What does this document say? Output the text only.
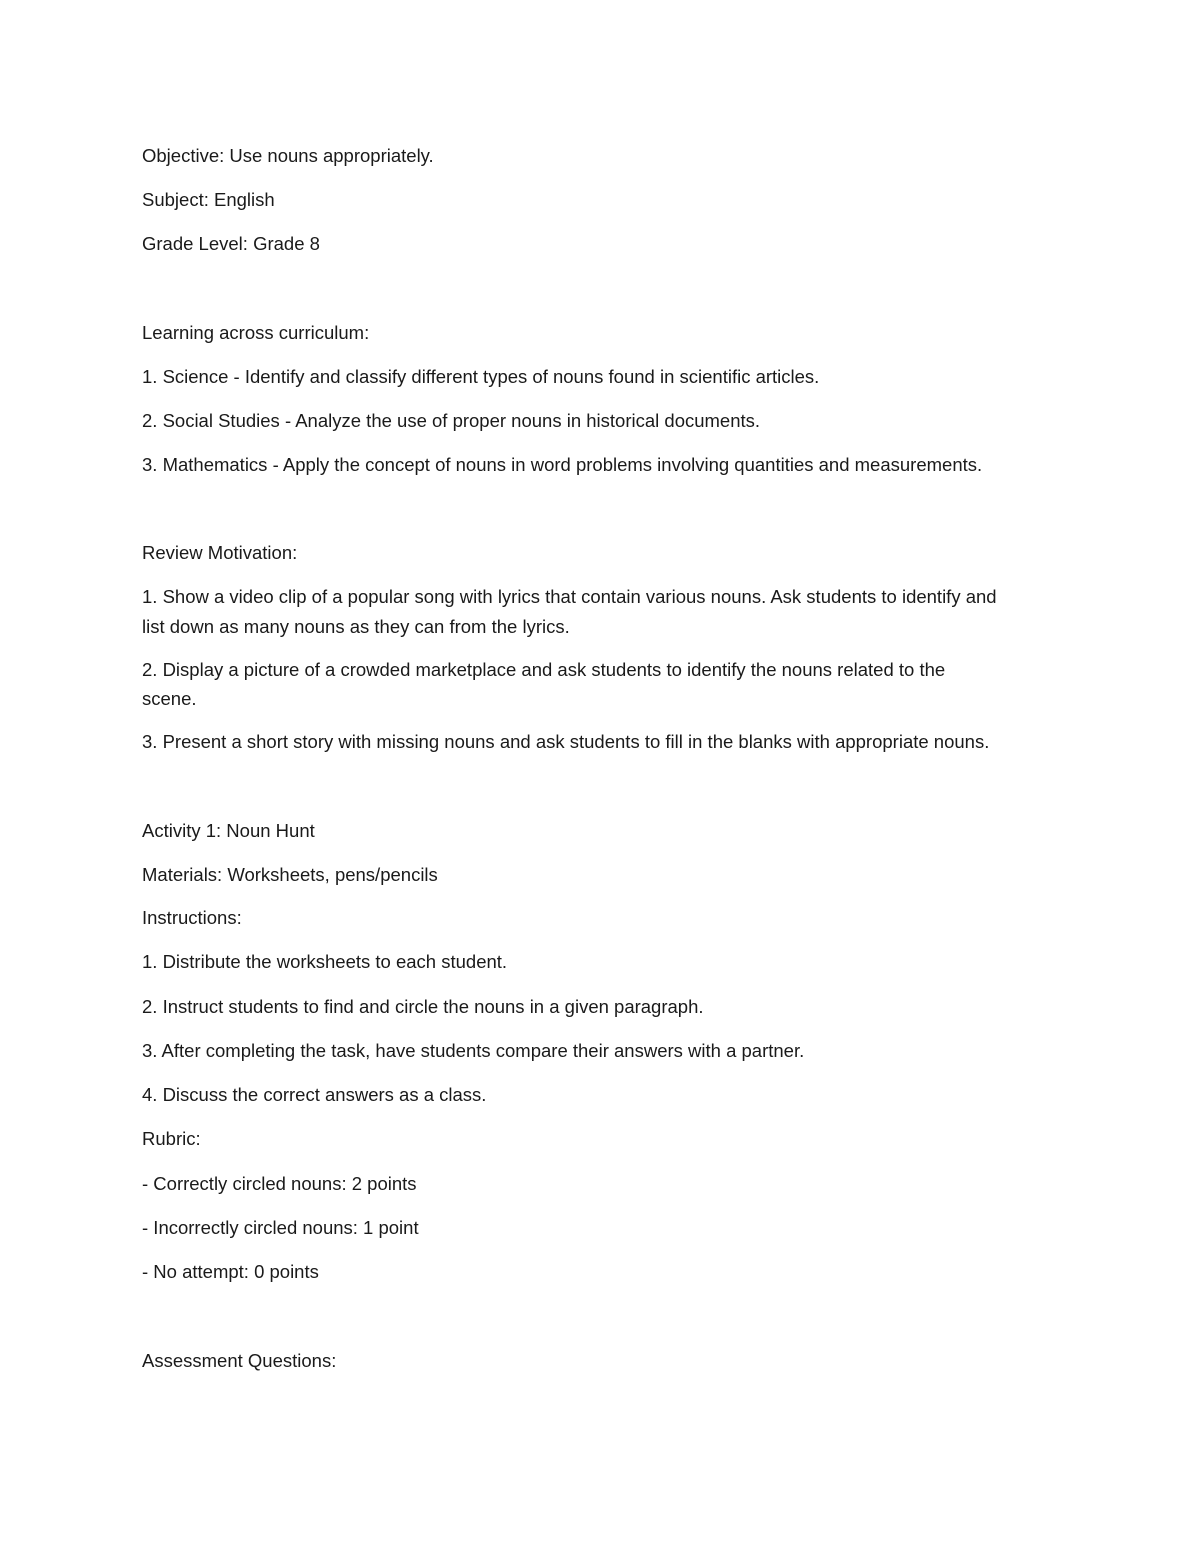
Objective: Use nouns appropriately.
Subject: English
Grade Level: Grade 8
Learning across curriculum:
1. Science - Identify and classify different types of nouns found in scientific articles.
2. Social Studies - Analyze the use of proper nouns in historical documents.
3. Mathematics - Apply the concept of nouns in word problems involving quantities and measurements.
Review Motivation:
1. Show a video clip of a popular song with lyrics that contain various nouns. Ask students to identify and
list down as many nouns as they can from the lyrics.
2. Display a picture of a crowded marketplace and ask students to identify the nouns related to the
scene.
3. Present a short story with missing nouns and ask students to fill in the blanks with appropriate nouns.
Activity 1: Noun Hunt
Materials: Worksheets, pens/pencils
Instructions:
1. Distribute the worksheets to each student.
2. Instruct students to find and circle the nouns in a given paragraph.
3. After completing the task, have students compare their answers with a partner.
4. Discuss the correct answers as a class.
Rubric:
- Correctly circled nouns: 2 points
- Incorrectly circled nouns: 1 point
- No attempt: 0 points
Assessment Questions:
